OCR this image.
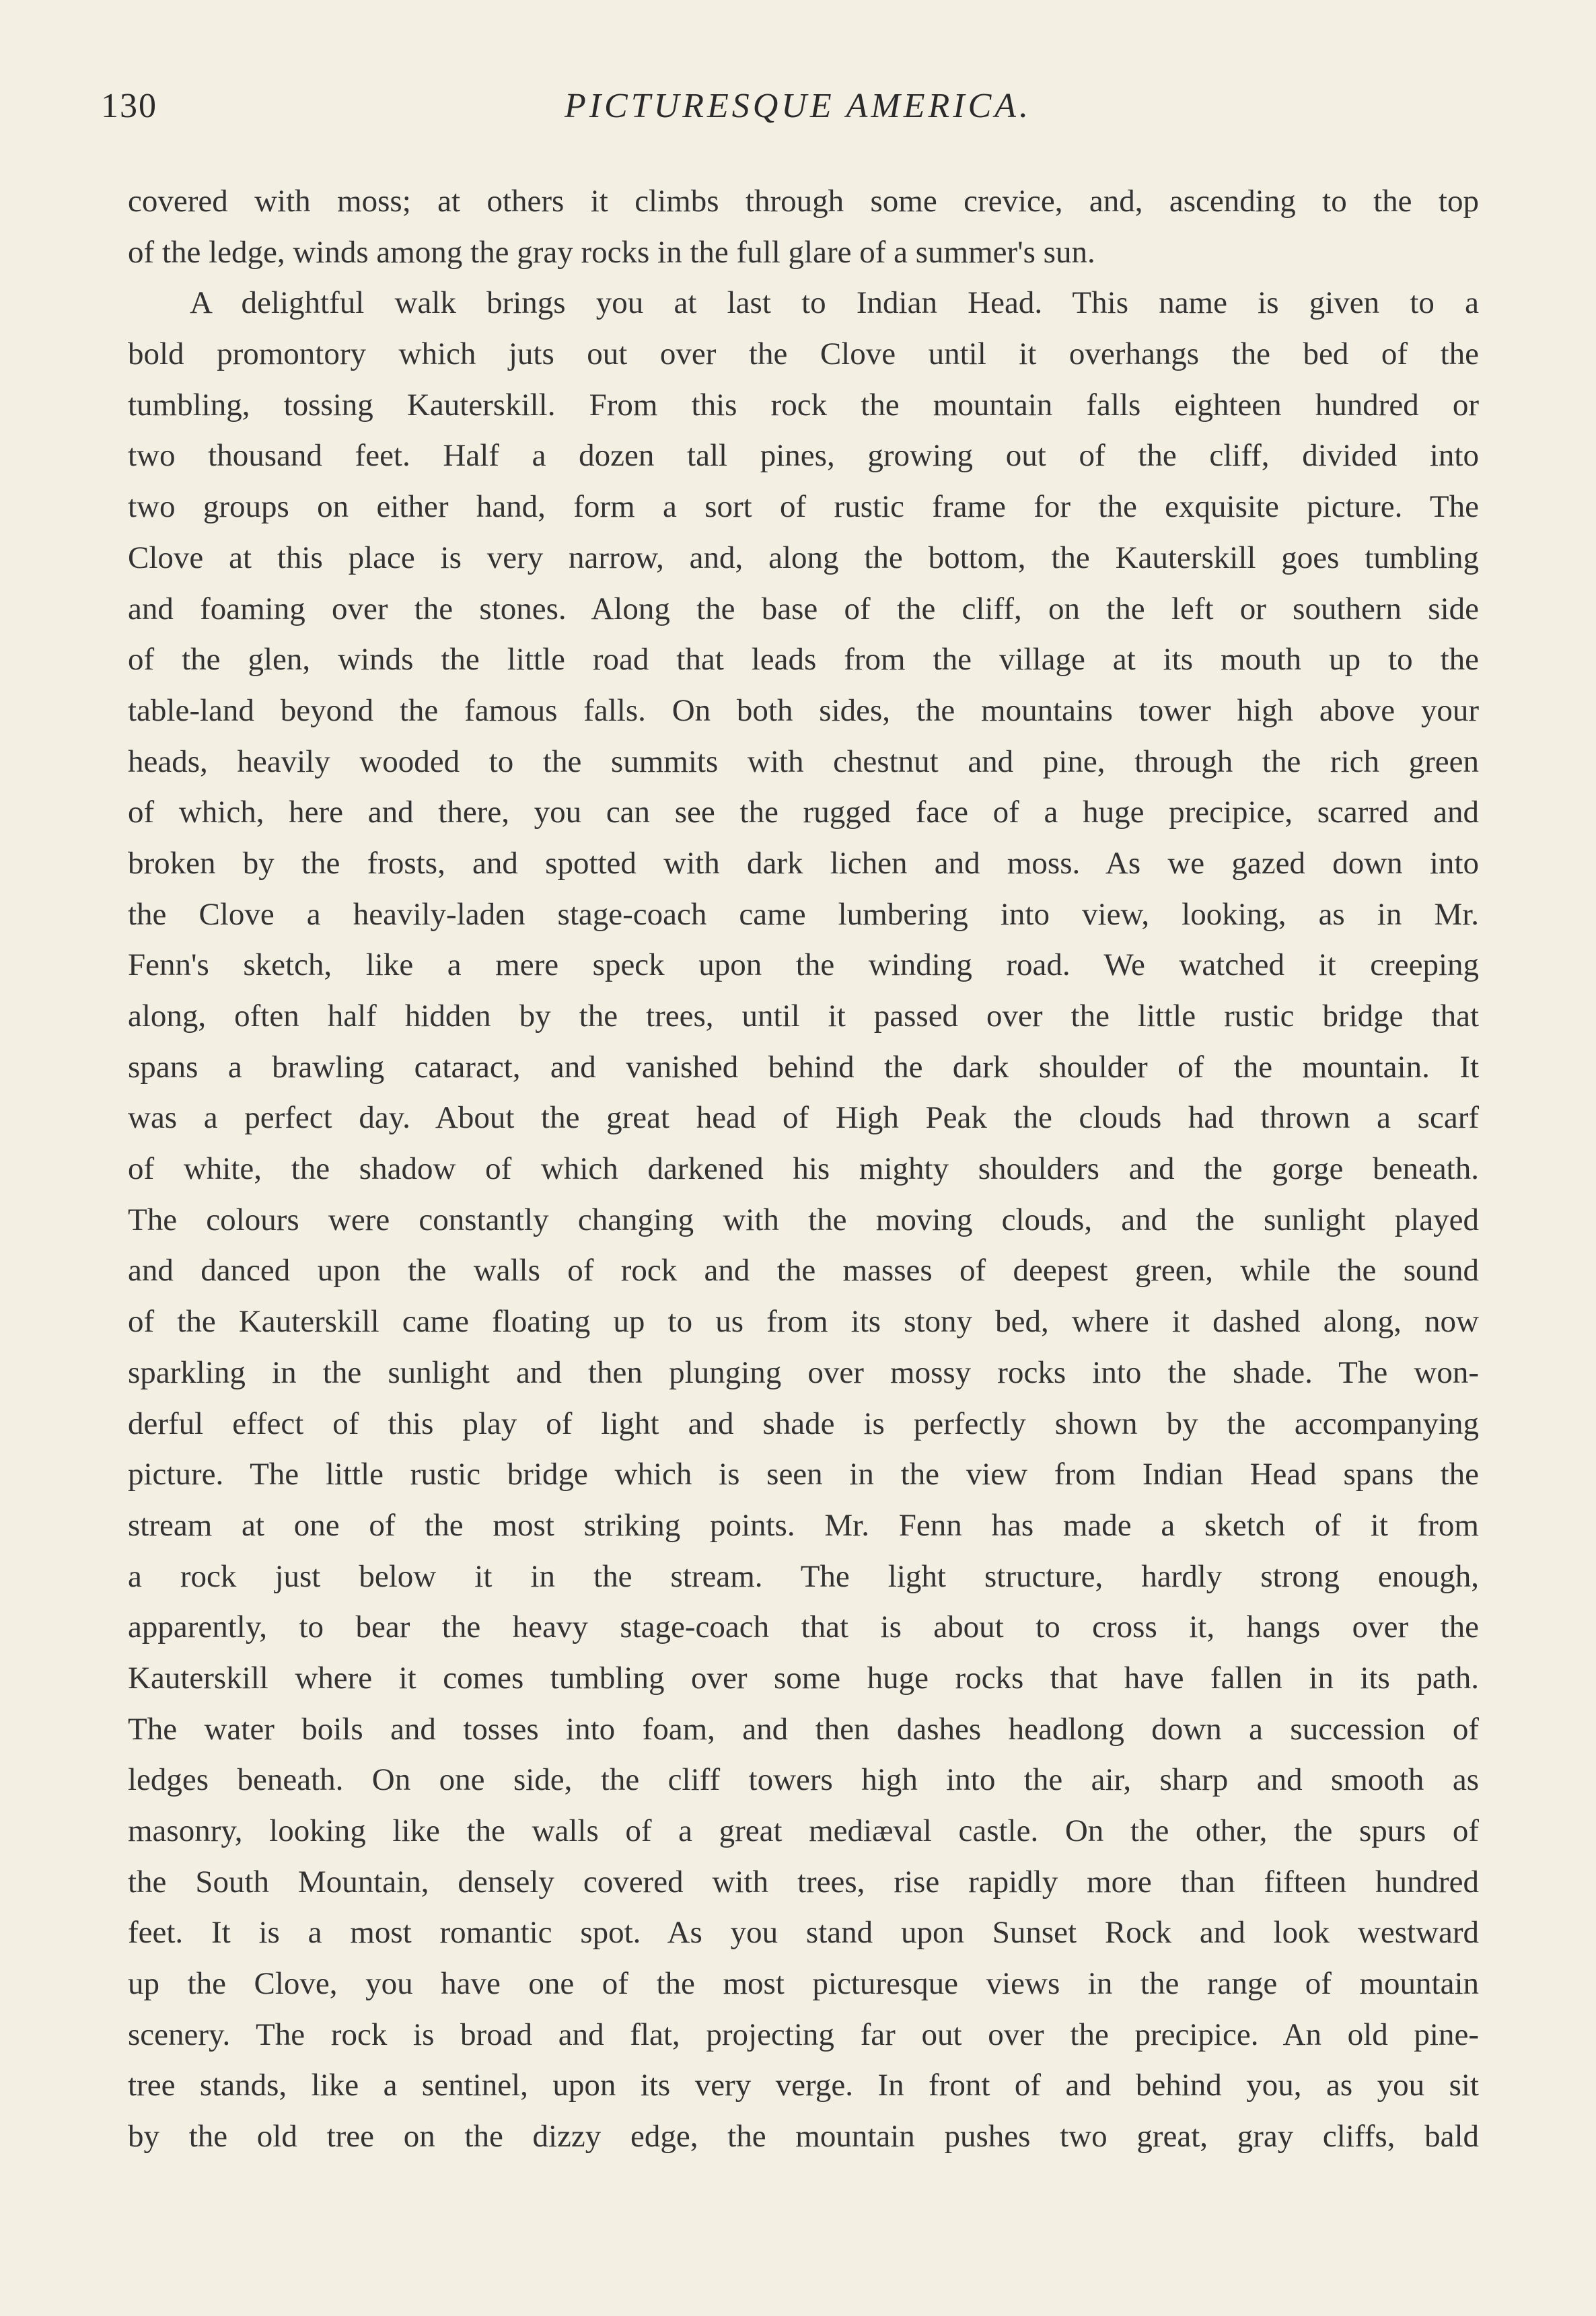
130	PICTURESQUE AMERICA.
covered with moss; at others it climbs through some crevice, and, ascending to the top
of the ledge, winds among the gray rocks in the full glare of a summer's sun.
A delightful walk brings you at last to Indian Head. This name is given to a
bold promontory which juts out over the Clove until it overhangs the bed of the
tumbling, tossing Kauterskill. From this rock the mountain falls eighteen hundred or
two thousand feet. Half a dozen tall pines, growing out of the cliff, divided into
two groups on either hand, form a sort of rustic frame for the exquisite picture. The
Clove at this place is very narrow, and, along the bottom, the Kauterskill goes tumbling
and foaming over the stones. Along the base of the cliff, on the left or southern side
of the glen, winds the little road that leads from the village at its mouth up to the
table-land beyond the famous falls. On both sides, the mountains tower high above your
heads, heavily wooded to the summits with chestnut and pine, through the rich green
of which, here and there, you can see the rugged face of a huge precipice, scarred and
broken by the frosts, and spotted with dark lichen and moss. As we gazed down into
the Clove a heavily-laden stage-coach came lumbering into view, looking, as in Mr.
Fenn's sketch, like a mere speck upon the winding road. We watched it creeping
along, often half hidden by the trees, until it passed over the little rustic bridge that
spans a brawling cataract, and vanished behind the dark shoulder of the mountain. It
was a perfect day. About the great head of High Peak the clouds had thrown a scarf
of white, the shadow of which darkened his mighty shoulders and the gorge beneath.
The colours were constantly changing with the moving clouds, and the sunlight played
and danced upon the walls of rock and the masses of deepest green, while the sound
of the Kauterskill came floating up to us from its stony bed, where it dashed along, now
sparkling in the sunlight and then plunging over mossy rocks into the shade. The won-
derful effect of this play of light and shade is perfectly shown by the accompanying
picture. The little rustic bridge which is seen in the view from Indian Head spans the
stream at one of the most striking points. Mr. Fenn has made a sketch of it from
a rock just below it in the stream. The light structure, hardly strong enough,
apparently, to bear the heavy stage-coach that is about to cross it, hangs over the
Kauterskill where it comes tumbling over some huge rocks that have fallen in its path.
The water boils and tosses into foam, and then dashes headlong down a succession of
ledges beneath. On one side, the cliff towers high into the air, sharp and smooth as
masonry, looking like the walls of a great mediæval castle. On the other, the spurs of
the South Mountain, densely covered with trees, rise rapidly more than fifteen hundred
feet. It is a most romantic spot. As you stand upon Sunset Rock and look westward
up the Clove, you have one of the most picturesque views in the range of mountain
scenery. The rock is broad and flat, projecting far out over the precipice. An old pine-
tree stands, like a sentinel, upon its very verge. In front of and behind you, as you sit
by the old tree on the dizzy edge, the mountain pushes two great, gray cliffs, bald
